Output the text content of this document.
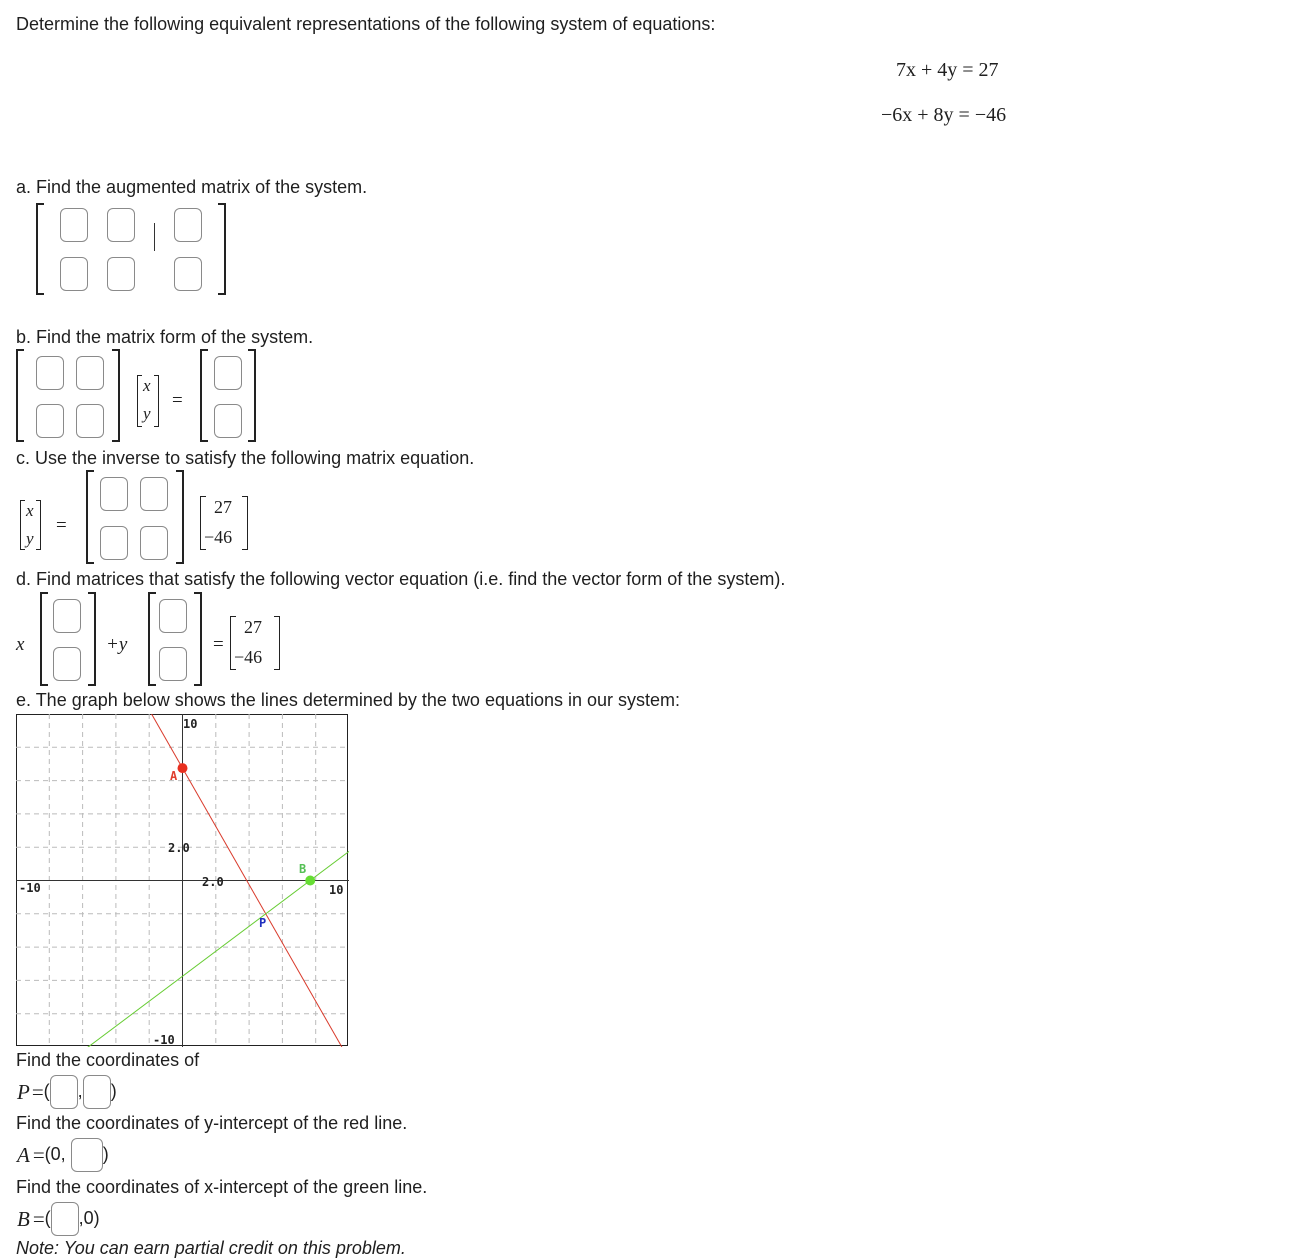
Determine the following equivalent representations of the following system of equations:
7x + 4y = 27
−6x + 8y = −46
a. Find the augmented matrix of the system.
b. Find the matrix form of the system.
x
y
=
c. Use the inverse to satisfy the following matrix equation.
x
y
=
27
−46
d. Find matrices that satisfy the following vector equation (i.e. find the vector form of the system).
x	+y	=
27
−46
e. The graph below shows the lines determined by the two equations in our system:
10
-10	10
-10
2.0
2.0
A
B
P
Find the coordinates of
P = ( , )
Find the coordinates of y-intercept of the red line.
A = (0, )
Find the coordinates of x-intercept of the green line.
B = ( ,0)
Note: You can earn partial credit on this problem.
